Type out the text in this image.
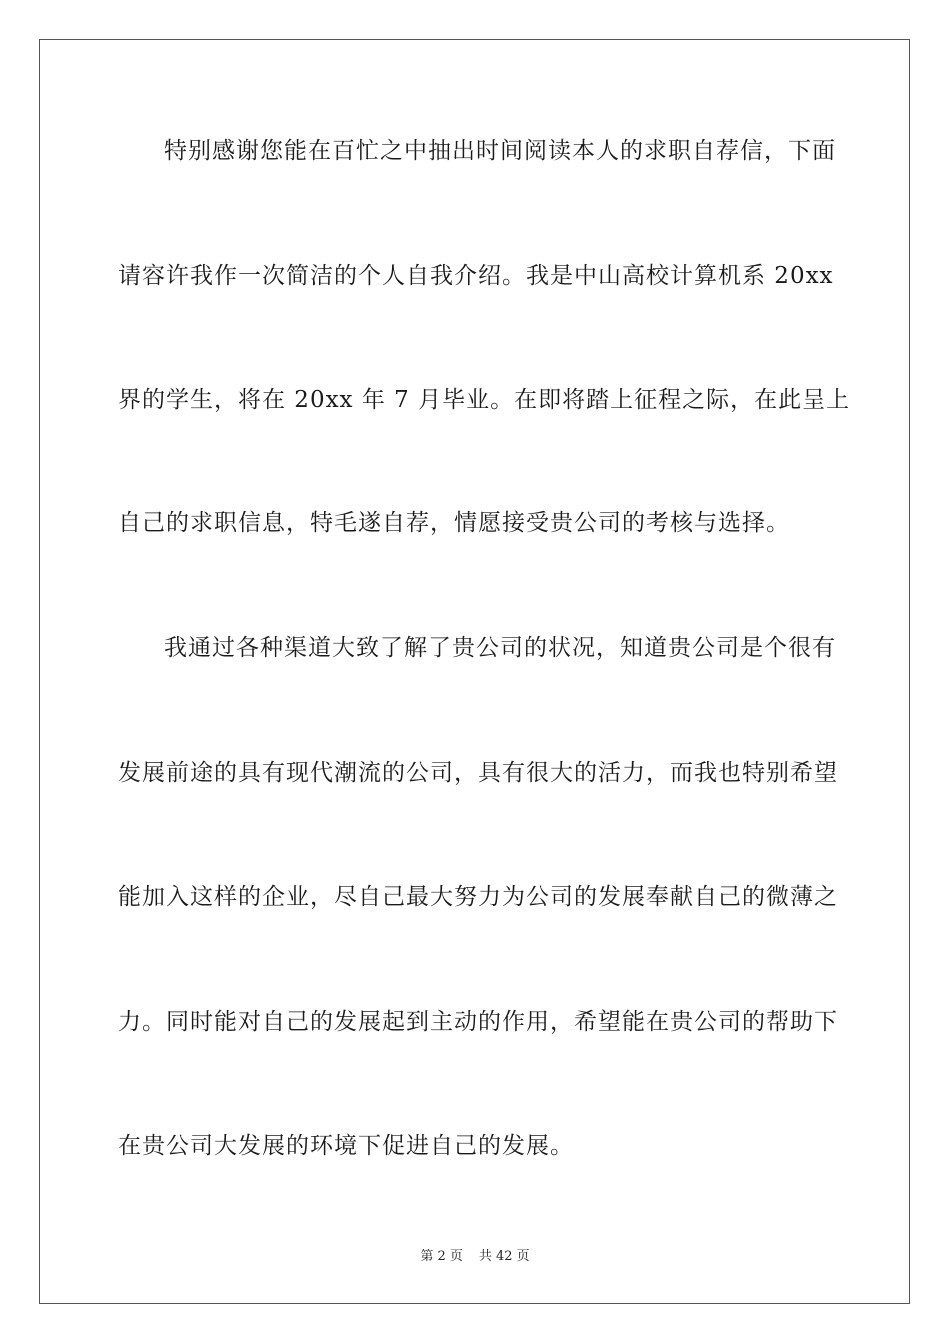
特别感谢您能在百忙之中抽出时间阅读本人的求职自荐信，下面
请容许我作一次简洁的个人自我介绍。我是中山高校计算机系 20xx
界的学生，将在 20xx 年 7 月毕业。在即将踏上征程之际，在此呈上
自己的求职信息，特毛遂自荐，情愿接受贵公司的考核与选择。
我通过各种渠道大致了解了贵公司的状况，知道贵公司是个很有
发展前途的具有现代潮流的公司，具有很大的活力，而我也特别希望
能加入这样的企业，尽自己最大努力为公司的发展奉献自己的微薄之
力。同时能对自己的发展起到主动的作用，希望能在贵公司的帮助下
在贵公司大发展的环境下促进自己的发展。
第 2 页 共 42 页
